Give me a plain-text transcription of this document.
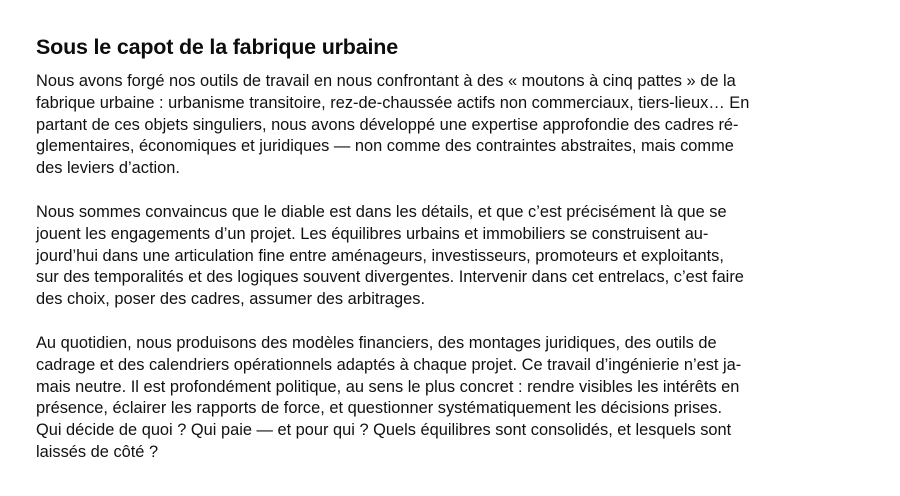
Sous le capot de la fabrique urbaine

Nous avons forgé nos outils de travail en nous confrontant à des « moutons à cinq pattes » de la
fabrique urbaine : urbanisme transitoire, rez-de-chaussée actifs non commerciaux, tiers-lieux… En
partant de ces objets singuliers, nous avons développé une expertise approfondie des cadres ré-
glementaires, économiques et juridiques — non comme des contraintes abstraites, mais comme
des leviers d’action.

Nous sommes convaincus que le diable est dans les détails, et que c’est précisément là que se
jouent les engagements d’un projet. Les équilibres urbains et immobiliers se construisent au-
jourd’hui dans une articulation fine entre aménageurs, investisseurs, promoteurs et exploitants,
sur des temporalités et des logiques souvent divergentes. Intervenir dans cet entrelacs, c’est faire
des choix, poser des cadres, assumer des arbitrages.

Au quotidien, nous produisons des modèles financiers, des montages juridiques, des outils de
cadrage et des calendriers opérationnels adaptés à chaque projet. Ce travail d’ingénierie n’est ja-
mais neutre. Il est profondément politique, au sens le plus concret : rendre visibles les intérêts en
présence, éclairer les rapports de force, et questionner systématiquement les décisions prises.
Qui décide de quoi ? Qui paie — et pour qui ? Quels équilibres sont consolidés, et lesquels sont
laissés de côté ?
